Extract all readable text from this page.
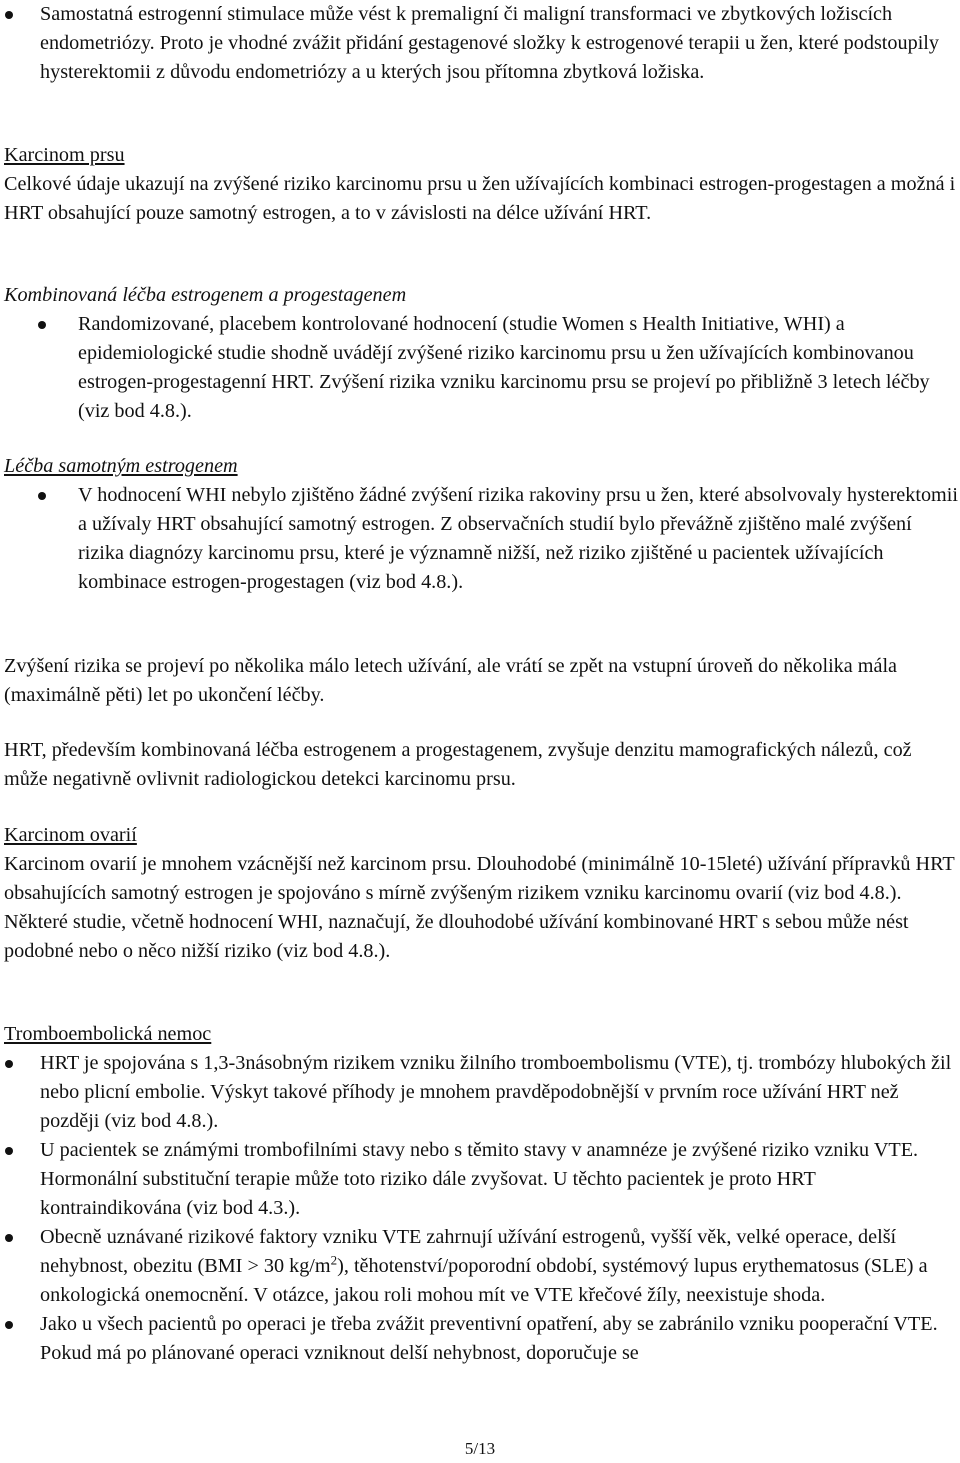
Samostatná estrogenní stimulace může vést k premaligní či maligní transformaci ve zbytkových ložiscích endometriózy. Proto je vhodné zvážit přidání gestagenové složky k estrogenové terapii u žen, které podstoupily hysterektomii z důvodu endometriózy a u kterých jsou přítomna zbytková ložiska.

Karcinom prsu

Celkové údaje ukazují na zvýšené riziko karcinomu prsu u žen užívajících kombinaci estrogen-progestagen a možná i HRT obsahující pouze samotný estrogen, a to v závislosti na délce užívání HRT.

Kombinovaná léčba estrogenem a progestagenem

Randomizované, placebem kontrolované hodnocení (studie Women s Health Initiative, WHI) a epidemiologické studie shodně uvádějí zvýšené riziko karcinomu prsu u žen užívajících kombinovanou estrogen-progestagenní HRT. Zvýšení rizika vzniku karcinomu prsu se projeví po přibližně 3 letech léčby (viz bod 4.8.).

Léčba samotným estrogenem

V hodnocení WHI nebylo zjištěno žádné zvýšení rizika rakoviny prsu u žen, které absolvovaly hysterektomii a užívaly HRT obsahující samotný estrogen. Z observačních studií bylo převážně zjištěno malé zvýšení rizika diagnózy karcinomu prsu, které je významně nižší, než riziko zjištěné u pacientek užívajících kombinace estrogen-progestagen (viz bod 4.8.).

Zvýšení rizika se projeví po několika málo letech užívání, ale vrátí se zpět na vstupní úroveň do několika mála (maximálně pěti) let po ukončení léčby.

HRT, především kombinovaná léčba estrogenem a progestagenem, zvyšuje denzitu mamografických nálezů, což může negativně ovlivnit radiologickou detekci karcinomu prsu.

Karcinom ovarií

Karcinom ovarií je mnohem vzácnější než karcinom prsu. Dlouhodobé (minimálně 10-15leté) užívání přípravků HRT obsahujících samotný estrogen je spojováno s mírně zvýšeným rizikem vzniku karcinomu ovarií (viz bod 4.8.). Některé studie, včetně hodnocení WHI, naznačují, že dlouhodobé užívání kombinované HRT s sebou může nést podobné nebo o něco nižší riziko (viz bod 4.8.).

Tromboembolická nemoc

HRT je spojována s 1,3-3násobným rizikem vzniku žilního tromboembolismu (VTE), tj. trombózy hlubokých žil nebo plicní embolie. Výskyt takové příhody je mnohem pravděpodobnější v prvním roce užívání HRT než později (viz bod 4.8.).

U pacientek se známými trombofilními stavy nebo s těmito stavy v anamnéze je zvýšené riziko vzniku VTE. Hormonální substituční terapie může toto riziko dále zvyšovat. U těchto pacientek je proto HRT kontraindikována (viz bod 4.3.).

Obecně uznávané rizikové faktory vzniku VTE zahrnují užívání estrogenů, vyšší věk, velké operace, delší nehybnost, obezitu (BMI > 30 $kg/m^2$), těhotenství/poporodní období, systémový lupus erythematosus (SLE) a onkologická onemocnění. V otázce, jakou roli mohou mít ve VTE křečové žíly, neexistuje shoda.

Jako u všech pacientů po operaci je třeba zvážit preventivní opatření, aby se zabránilo vzniku pooperační VTE. Pokud má po plánované operaci vzniknout delší nehybnost, doporučuje se

5/13
